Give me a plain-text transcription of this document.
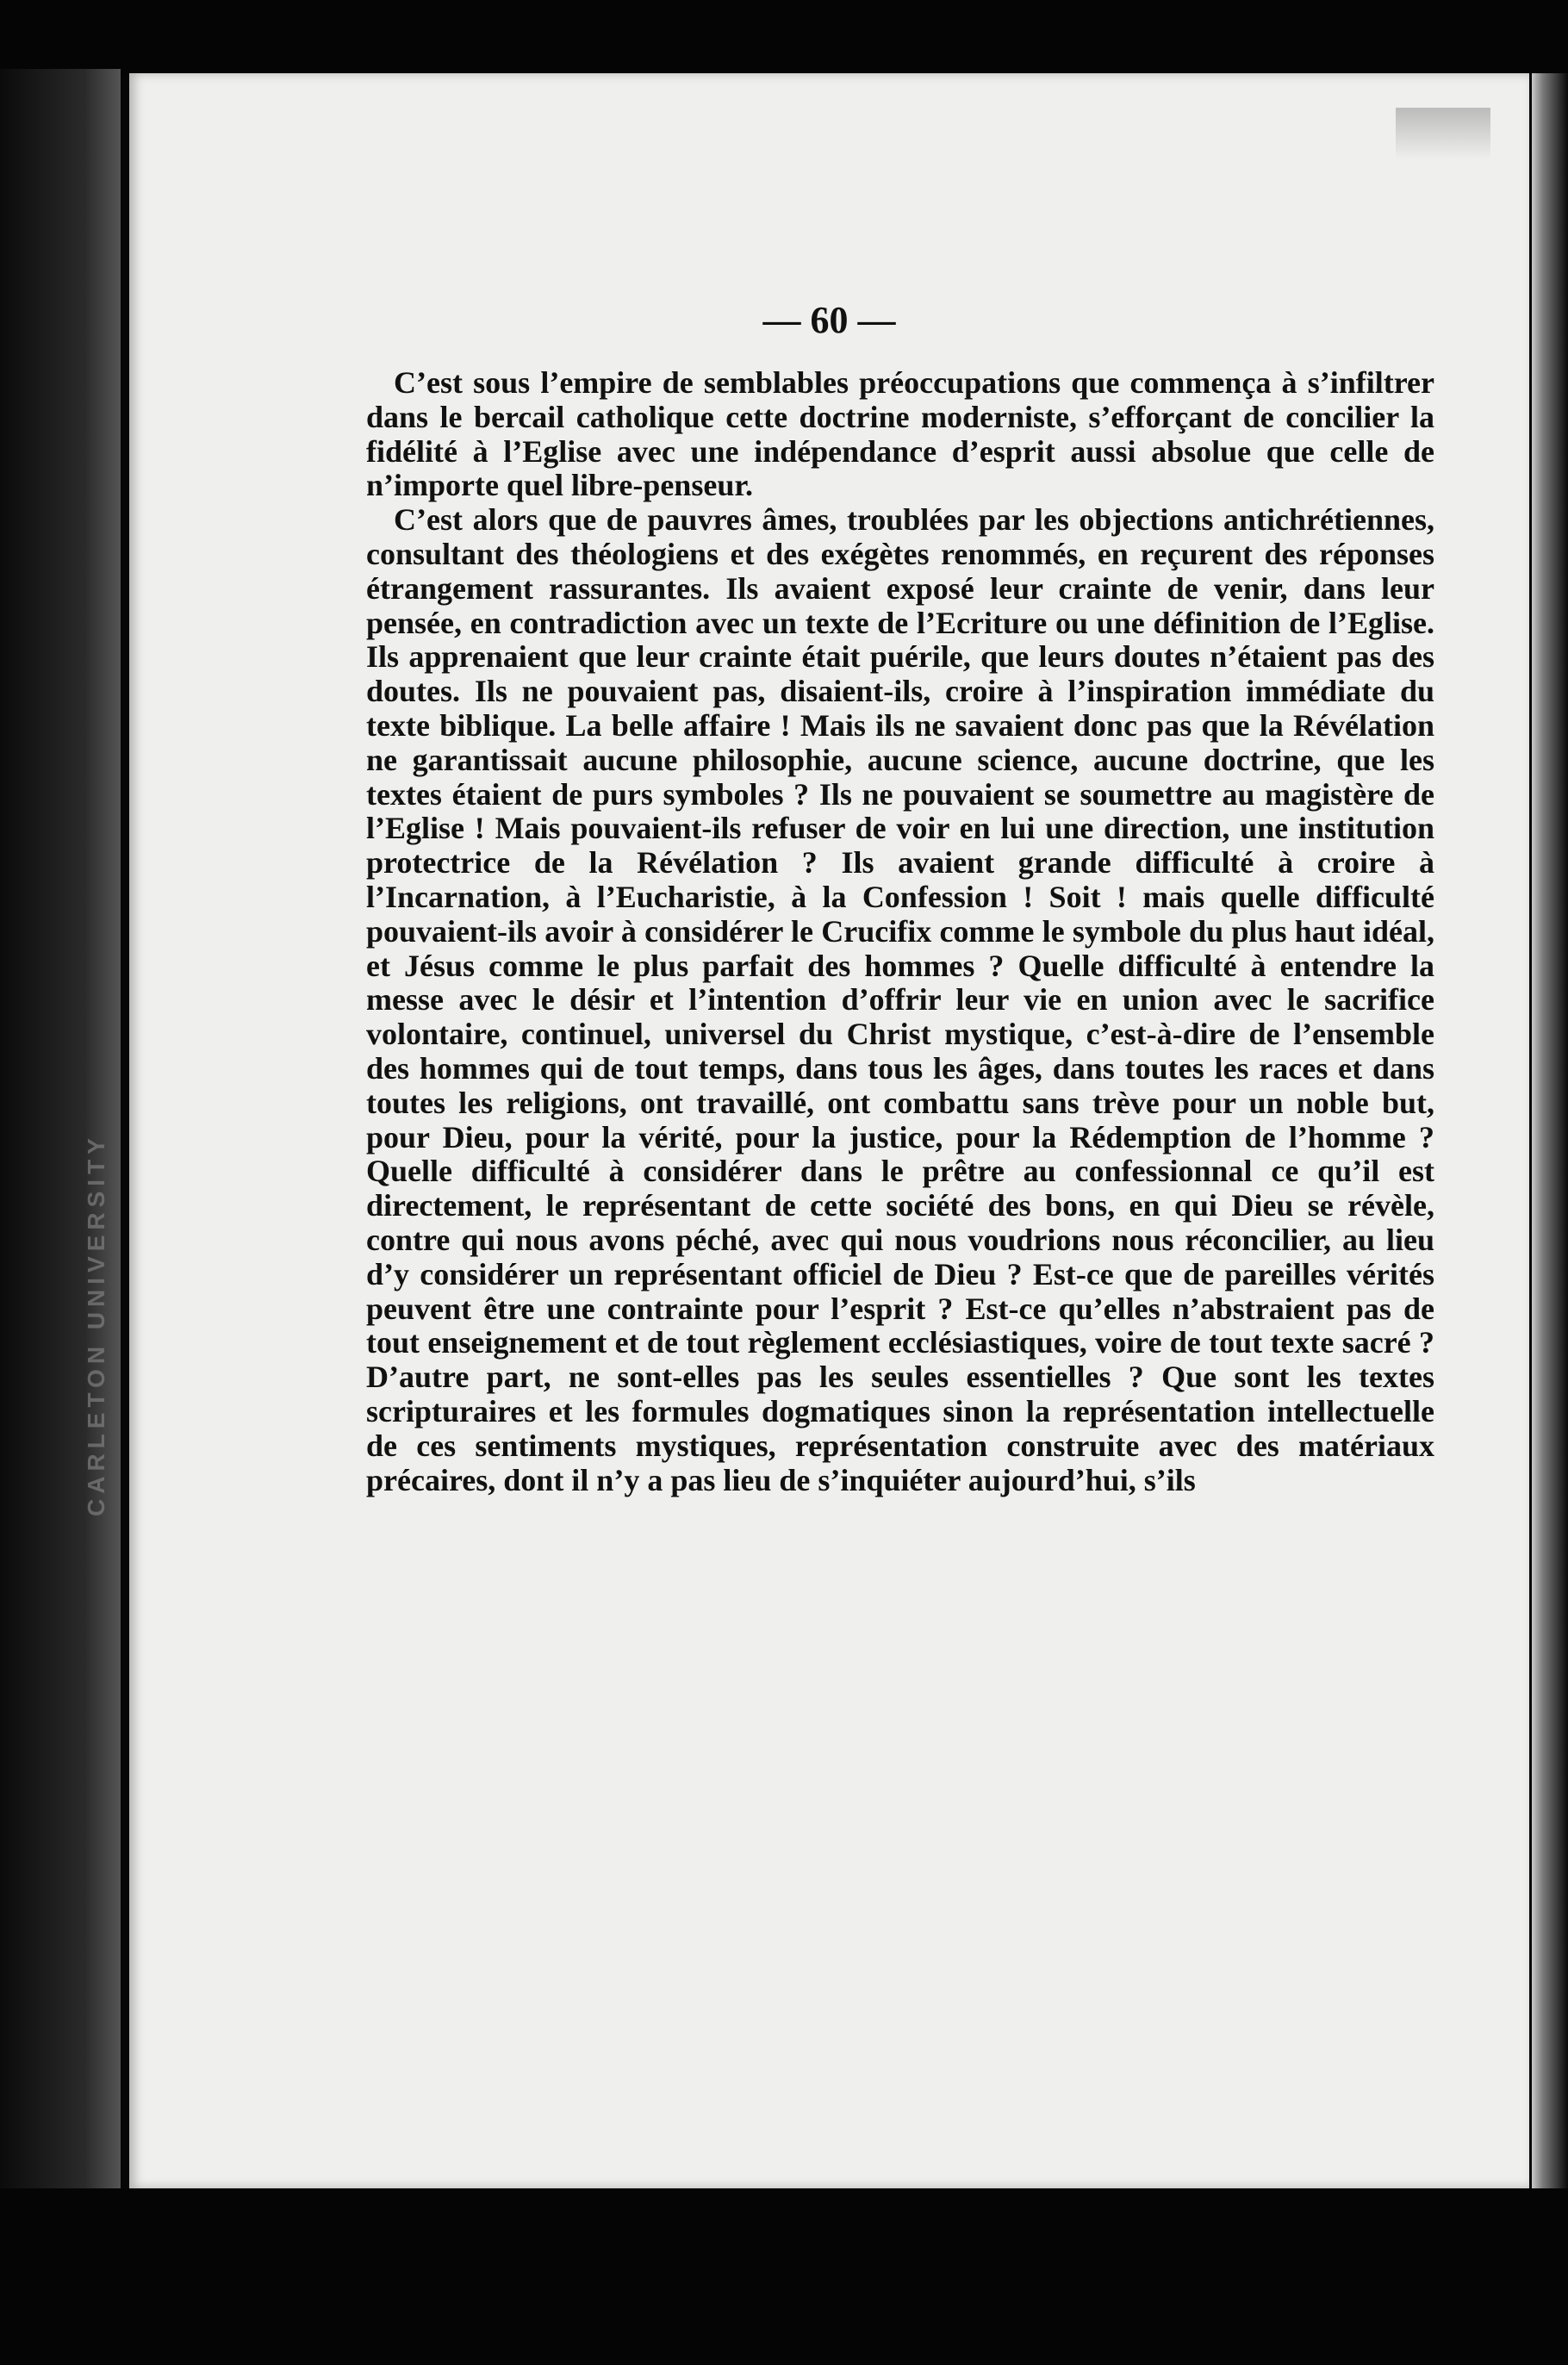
CARLETON UNIVERSITY
— 60 —

C’est sous l’empire de semblables préoccupations que commença à s’infiltrer dans le bercail catholique cette doctrine moderniste, s’efforçant de concilier la fidélité à l’Eglise avec une indépendance d’esprit aussi absolue que celle de n’importe quel libre-penseur.

C’est alors que de pauvres âmes, troublées par les objections antichrétiennes, consultant des théologiens et des exégètes renommés, en reçurent des réponses étrangement rassurantes. Ils avaient exposé leur crainte de venir, dans leur pensée, en contradiction avec un texte de l’Ecriture ou une définition de l’Eglise. Ils apprenaient que leur crainte était puérile, que leurs doutes n’étaient pas des doutes. Ils ne pouvaient pas, disaient-ils, croire à l’inspiration immédiate du texte biblique. La belle affaire ! Mais ils ne savaient donc pas que la Révélation ne garantissait aucune philosophie, aucune science, aucune doctrine, que les textes étaient de purs symboles ? Ils ne pouvaient se soumettre au magistère de l’Eglise ! Mais pouvaient-ils refuser de voir en lui une direction, une institution protectrice de la Révélation ? Ils avaient grande difficulté à croire à l’Incarnation, à l’Eucharistie, à la Confession ! Soit ! mais quelle difficulté pouvaient-ils avoir à considérer le Crucifix comme le symbole du plus haut idéal, et Jésus comme le plus parfait des hommes ? Quelle difficulté à entendre la messe avec le désir et l’intention d’offrir leur vie en union avec le sacrifice volontaire, continuel, universel du Christ mystique, c’est-à-dire de l’ensemble des hommes qui de tout temps, dans tous les âges, dans toutes les races et dans toutes les religions, ont travaillé, ont combattu sans trève pour un noble but, pour Dieu, pour la vérité, pour la justice, pour la Rédemption de l’homme ? Quelle difficulté à considérer dans le prêtre au confessionnal ce qu’il est directement, le représentant de cette société des bons, en qui Dieu se révèle, contre qui nous avons péché, avec qui nous voudrions nous réconcilier, au lieu d’y considérer un représentant officiel de Dieu ? Est-ce que de pareilles vérités peuvent être une contrainte pour l’esprit ? Est-ce qu’elles n’abstraient pas de tout enseignement et de tout règlement ecclésiastiques, voire de tout texte sacré ? D’autre part, ne sont-elles pas les seules essentielles ? Que sont les textes scripturaires et les formules dogmatiques sinon la représentation intellectuelle de ces sentiments mystiques, représentation construite avec des matériaux précaires, dont il n’y a pas lieu de s’inquiéter aujourd’hui, s’ils
